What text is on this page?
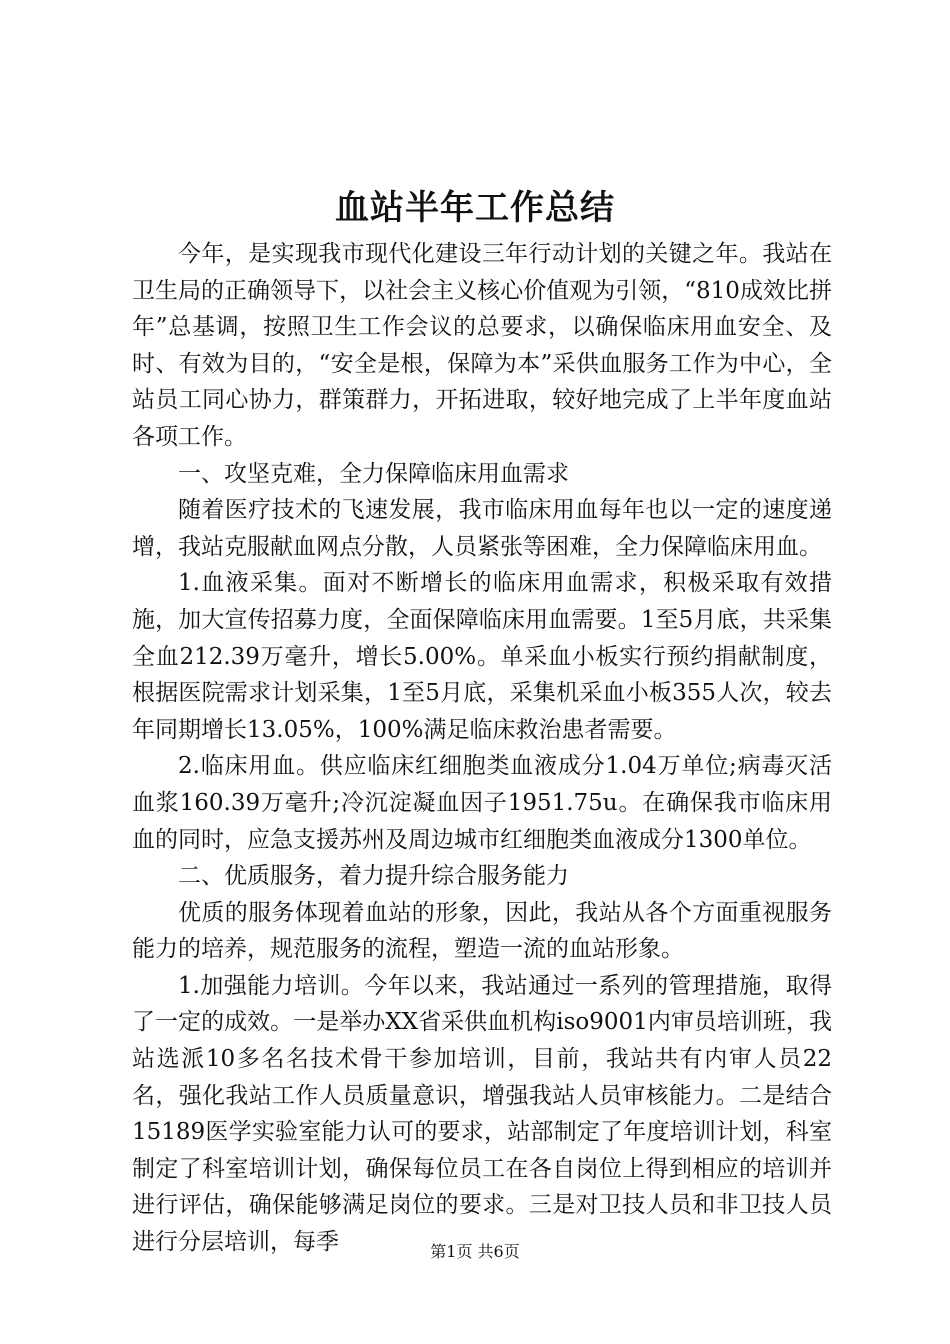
血站半年工作总结

今年，是实现我市现代化建设三年行动计划的关键之年。我站在卫生局的正确领导下，以社会主义核心价值观为引领，“810成效比拼年”总基调，按照卫生工作会议的总要求，以确保临床用血安全、及时、有效为目的，“安全是根，保障为本”采供血服务工作为中心，全站员工同心协力，群策群力，开拓进取，较好地完成了上半年度血站各项工作。

一、攻坚克难，全力保障临床用血需求

随着医疗技术的飞速发展，我市临床用血每年也以一定的速度递增，我站克服献血网点分散，人员紧张等困难，全力保障临床用血。

1.血液采集。面对不断增长的临床用血需求，积极采取有效措施，加大宣传招募力度，全面保障临床用血需要。1至5月底，共采集全血212.39万毫升，增长5.00%。单采血小板实行预约捐献制度，根据医院需求计划采集，1至5月底，采集机采血小板355人次，较去年同期增长13.05%，100%满足临床救治患者需要。

2.临床用血。供应临床红细胞类血液成分1.04万单位;病毒灭活血浆160.39万毫升;冷沉淀凝血因子1951.75u。在确保我市临床用血的同时，应急支援苏州及周边城市红细胞类血液成分1300单位。

二、优质服务，着力提升综合服务能力

优质的服务体现着血站的形象，因此，我站从各个方面重视服务能力的培养，规范服务的流程，塑造一流的血站形象。

1.加强能力培训。今年以来，我站通过一系列的管理措施，取得了一定的成效。一是举办XX省采供血机构iso9001内审员培训班，我站选派10多名名技术骨干参加培训，目前，我站共有内审人员22名，强化我站工作人员质量意识，增强我站人员审核能力。二是结合15189医学实验室能力认可的要求，站部制定了年度培训计划，科室制定了科室培训计划，确保每位员工在各自岗位上得到相应的培训并进行评估，确保能够满足岗位的要求。三是对卫技人员和非卫技人员进行分层培训，每季	第1页 共6页
